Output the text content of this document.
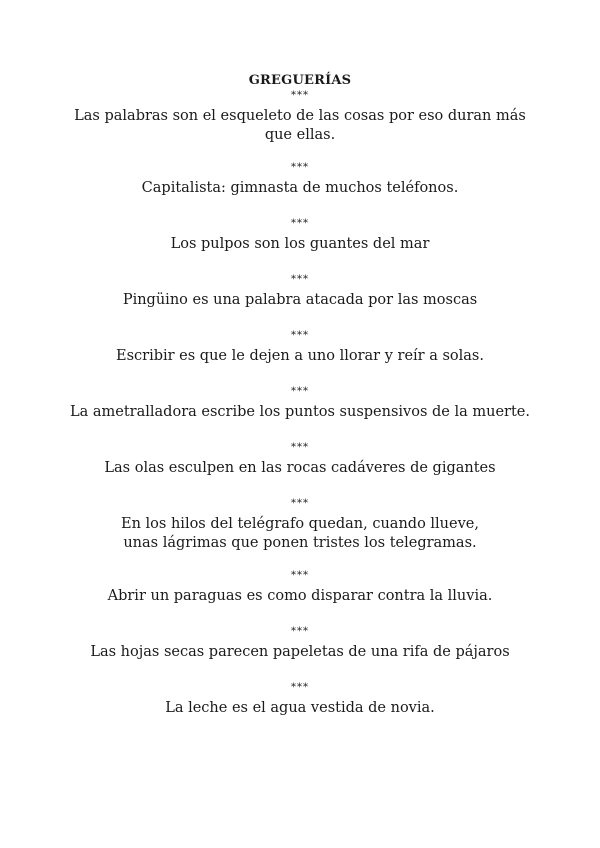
GREGUERÍAS
***
Las palabras son el esqueleto de las cosas por eso duran más
que ellas.
***
Capitalista: gimnasta de muchos teléfonos.
***
Los pulpos son los guantes del mar
***
Pingüino es una palabra atacada por las moscas
***
Escribir es que le dejen a uno llorar y reír a solas.
***
La ametralladora escribe los puntos suspensivos de la muerte.
***
Las olas esculpen en las rocas cadáveres de gigantes
***
En los hilos del telégrafo quedan, cuando llueve,
unas lágrimas que ponen tristes los telegramas.
***
Abrir un paraguas es como disparar contra la lluvia.
***
Las hojas secas parecen papeletas de una rifa de pájaros
***
La leche es el agua vestida de novia.
